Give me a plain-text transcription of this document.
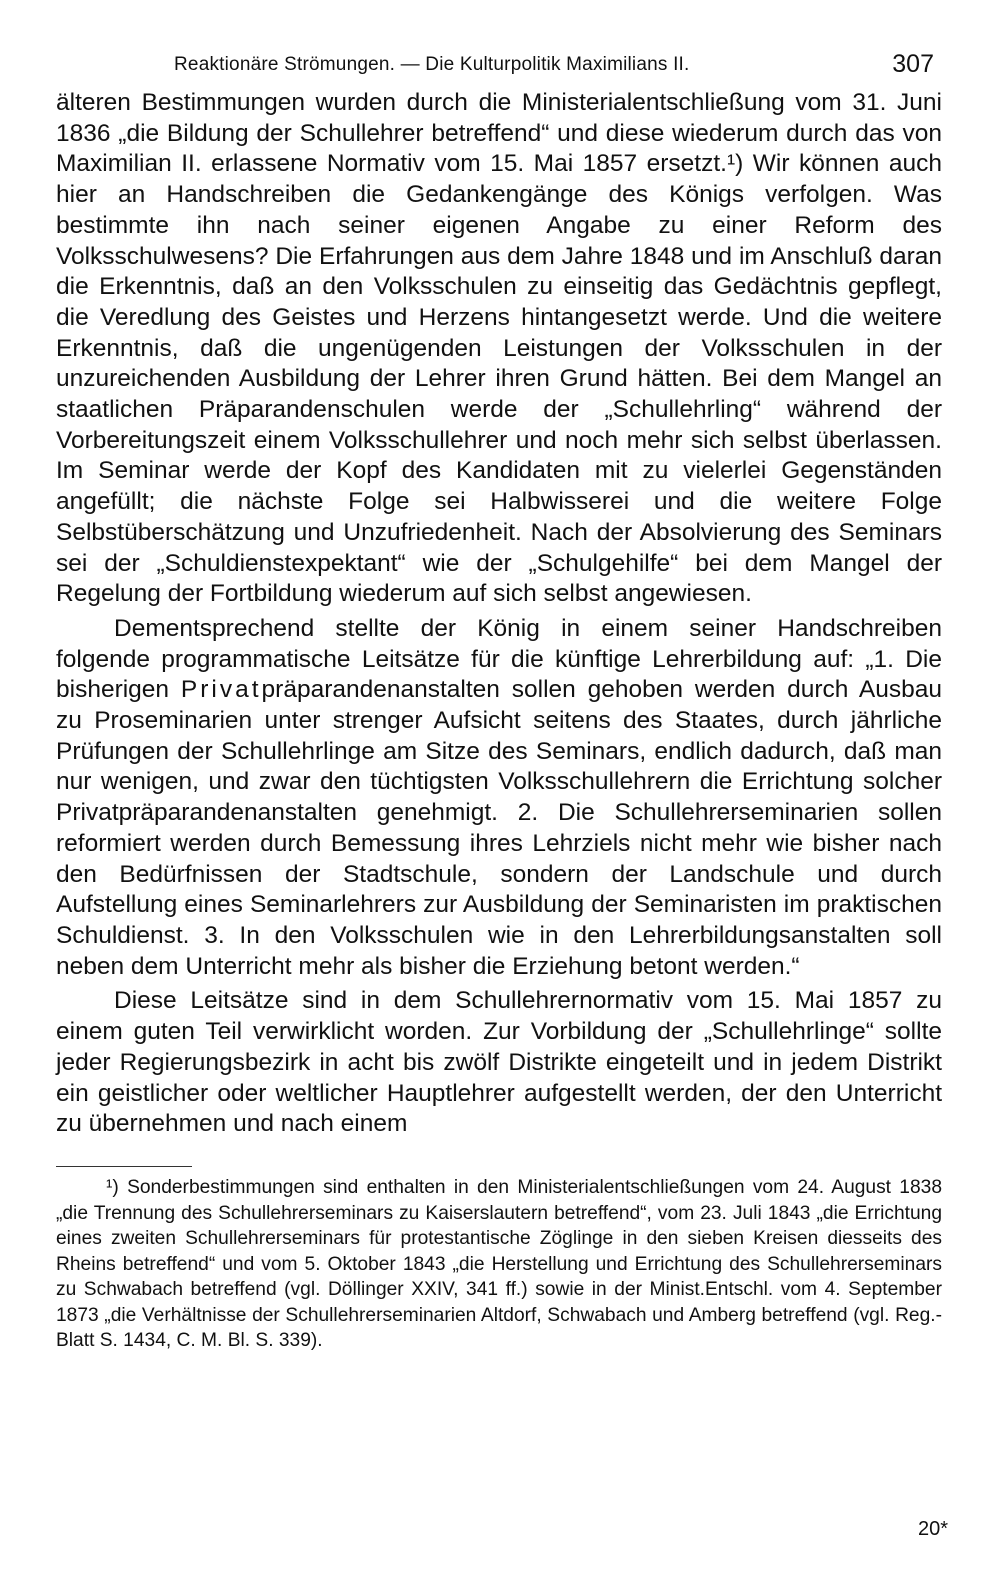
Reaktionäre Strömungen. — Die Kulturpolitik Maximilians II.	307

älteren Bestimmungen wurden durch die Ministerialentschließung vom 31. Juni 1836 „die Bildung der Schullehrer betreffend“ und diese wiederum durch das von Maximilian II. erlassene Normativ vom 15. Mai 1857 ersetzt.¹) Wir können auch hier an Handschreiben die Gedankengänge des Königs verfolgen. Was bestimmte ihn nach seiner eigenen Angabe zu einer Reform des Volksschulwesens? Die Erfahrungen aus dem Jahre 1848 und im Anschluß daran die Erkenntnis, daß an den Volksschulen zu einseitig das Gedächtnis gepflegt, die Veredlung des Geistes und Herzens hintangesetzt werde. Und die weitere Erkenntnis, daß die ungenügenden Leistungen der Volksschulen in der unzureichenden Ausbildung der Lehrer ihren Grund hätten. Bei dem Mangel an staatlichen Präparandenschulen werde der „Schullehrling“ während der Vorbereitungszeit einem Volksschullehrer und noch mehr sich selbst überlassen. Im Seminar werde der Kopf des Kandidaten mit zu vielerlei Gegenständen angefüllt; die nächste Folge sei Halbwisserei und die weitere Folge Selbstüberschätzung und Unzufriedenheit. Nach der Absolvierung des Seminars sei der „Schuldienstexpektant“ wie der „Schulgehilfe“ bei dem Mangel der Regelung der Fortbildung wiederum auf sich selbst angewiesen.

Dementsprechend stellte der König in einem seiner Handschreiben folgende programmatische Leitsätze für die künftige Lehrerbildung auf: „1. Die bisherigen Privatpräparandenanstalten sollen gehoben werden durch Ausbau zu Proseminarien unter strenger Aufsicht seitens des Staates, durch jährliche Prüfungen der Schullehrlinge am Sitze des Seminars, endlich dadurch, daß man nur wenigen, und zwar den tüchtigsten Volksschullehrern die Errichtung solcher Privatpräparandenanstalten genehmigt. 2. Die Schullehrerseminarien sollen reformiert werden durch Bemessung ihres Lehrziels nicht mehr wie bisher nach den Bedürfnissen der Stadtschule, sondern der Landschule und durch Aufstellung eines Seminarlehrers zur Ausbildung der Seminaristen im praktischen Schuldienst. 3. In den Volksschulen wie in den Lehrerbildungsanstalten soll neben dem Unterricht mehr als bisher die Erziehung betont werden.“

Diese Leitsätze sind in dem Schullehrernormativ vom 15. Mai 1857 zu einem guten Teil verwirklicht worden. Zur Vorbildung der „Schullehrlinge“ sollte jeder Regierungsbezirk in acht bis zwölf Distrikte eingeteilt und in jedem Distrikt ein geistlicher oder weltlicher Hauptlehrer aufgestellt werden, der den Unterricht zu übernehmen und nach einem

¹) Sonderbestimmungen sind enthalten in den Ministerialentschließungen vom 24. August 1838 „die Trennung des Schullehrerseminars zu Kaiserslautern betreffend“, vom 23. Juli 1843 „die Errichtung eines zweiten Schullehrerseminars für protestantische Zöglinge in den sieben Kreisen diesseits des Rheins betreffend“ und vom 5. Oktober 1843 „die Herstellung und Errichtung des Schullehrerseminars zu Schwabach betreffend (vgl. Döllinger XXIV, 341 ff.) sowie in der Minist.Entschl. vom 4. September 1873 „die Verhältnisse der Schullehrerseminarien Altdorf, Schwabach und Amberg betreffend (vgl. Reg.-Blatt S. 1434, C. M. Bl. S. 339).

20*
